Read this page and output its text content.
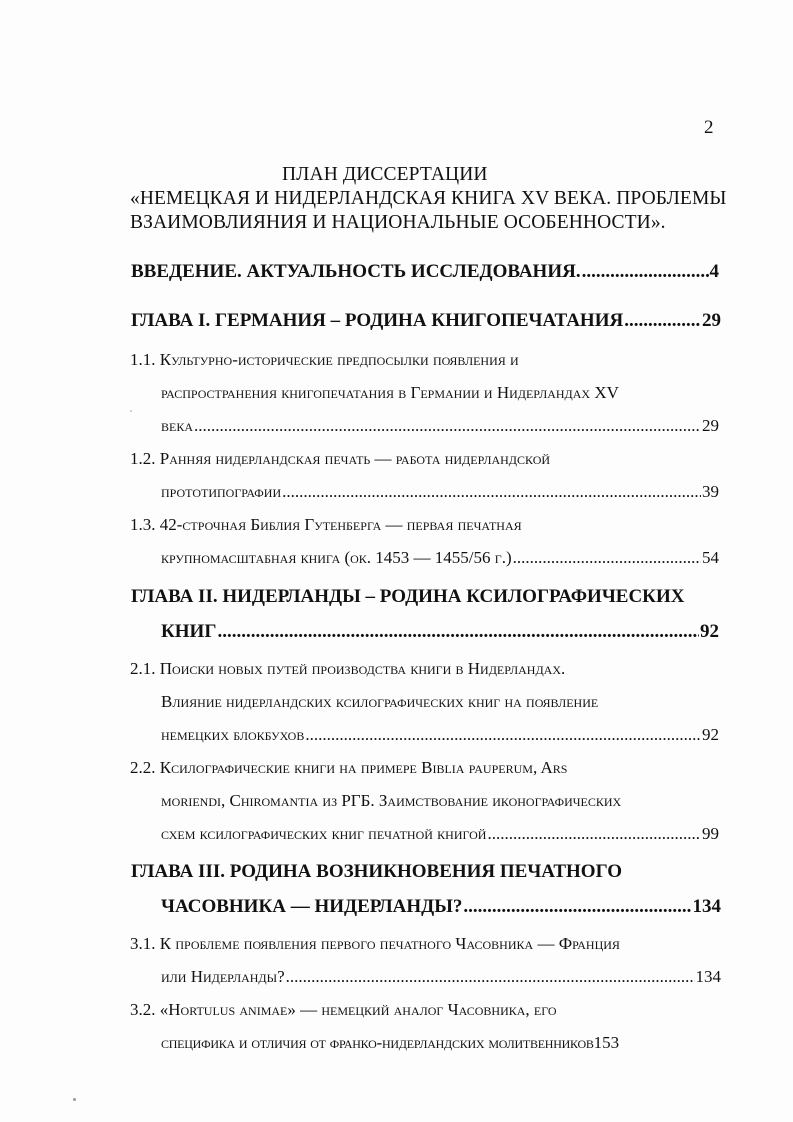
2
ПЛАН ДИССЕРТАЦИИ
«НЕМЕЦКАЯ И НИДЕРЛАНДСКАЯ КНИГА XV ВЕКА. ПРОБЛЕМЫ
ВЗАИМОВЛИЯНИЯ И НАЦИОНАЛЬНЫЕ ОСОБЕННОСТИ».
ВВЕДЕНИЕ. АКТУАЛЬНОСТЬ ИССЛЕДОВАНИЯ. .....	4
ГЛАВА I. ГЕРМАНИЯ – РОДИНА КНИГОПЕЧАТАНИЯ .....	29
1.1. Культурно-исторические предпосылки появления и
распространения книгопечатания в Германии и Нидерландах XV
века .....	29
1.2. Ранняя нидерландская печать — работа нидерландской
прототипографии .....	39
1.3. 42-строчная Библия Гутенберга — первая печатная
крупномасштабная книга (ок. 1453 — 1455/56 г.) .....	54
ГЛАВА II. НИДЕРЛАНДЫ – РОДИНА КСИЛОГРАФИЧЕСКИХ
КНИГ .....	92
2.1. Поиски новых путей производства книги в Нидерландах.
Влияние нидерландских ксилографических книг на появление
немецких блокбухов .....	92
2.2. Ксилографические книги на примере Biblia pauperum, Ars
moriendi, Chiromantia из РГБ. Заимствование иконографических
схем ксилографических книг печатной книгой .....	99
ГЛАВА III. РОДИНА ВОЗНИКНОВЕНИЯ ПЕЧАТНОГО
ЧАСОВНИКА — НИДЕРЛАНДЫ? .....	134
3.1. К проблеме появления первого печатного Часовника — Франция
или Нидерланды? .....	134
3.2. «Hortulus animae» — немецкий аналог Часовника, его
специфика и отличия от франко-нидерландских молитвенников 153
